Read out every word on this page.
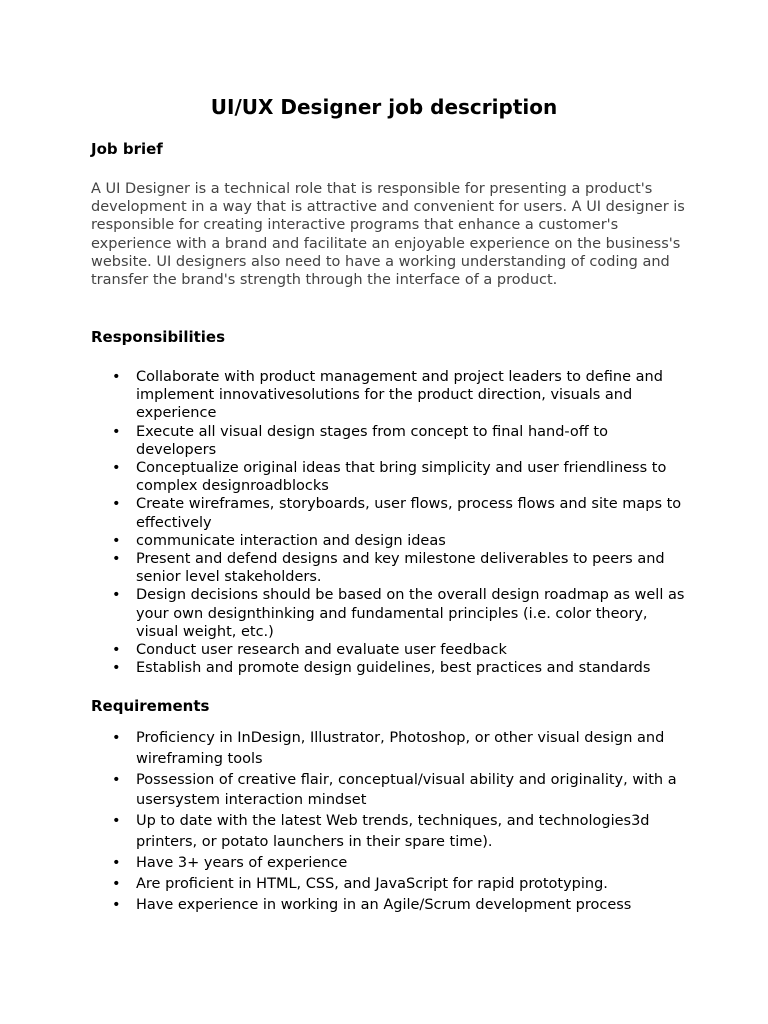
UI/UX Designer job description
Job brief

A UI Designer is a technical role that is responsible for presenting a product's development in a way that is attractive and convenient for users. A UI designer is responsible for creating interactive programs that enhance a customer's experience with a brand and facilitate an enjoyable experience on the business's website. UI designers also need to have a working understanding of coding and transfer the brand's strength through the interface of a product.

Responsibilities
• Collaborate with product management and project leaders to define and implement innovativesolutions for the product direction, visuals and experience
• Execute all visual design stages from concept to final hand-off to developers
• Conceptualize original ideas that bring simplicity and user friendliness to complex designroadblocks
• Create wireframes, storyboards, user flows, process flows and site maps to effectively
• communicate interaction and design ideas
• Present and defend designs and key milestone deliverables to peers and senior level stakeholders.
• Design decisions should be based on the overall design roadmap as well as your own designthinking and fundamental principles (i.e. color theory, visual weight, etc.)
• Conduct user research and evaluate user feedback
• Establish and promote design guidelines, best practices and standards
Requirements
• Proficiency in InDesign, Illustrator, Photoshop, or other visual design and wireframing tools
• Possession of creative flair, conceptual/visual ability and originality, with a usersystem interaction mindset
• Up to date with the latest Web trends, techniques, and technologies3d printers, or potato launchers in their spare time).
• Have 3+ years of experience
• Are proficient in HTML, CSS, and JavaScript for rapid prototyping.
• Have experience in working in an Agile/Scrum development process
